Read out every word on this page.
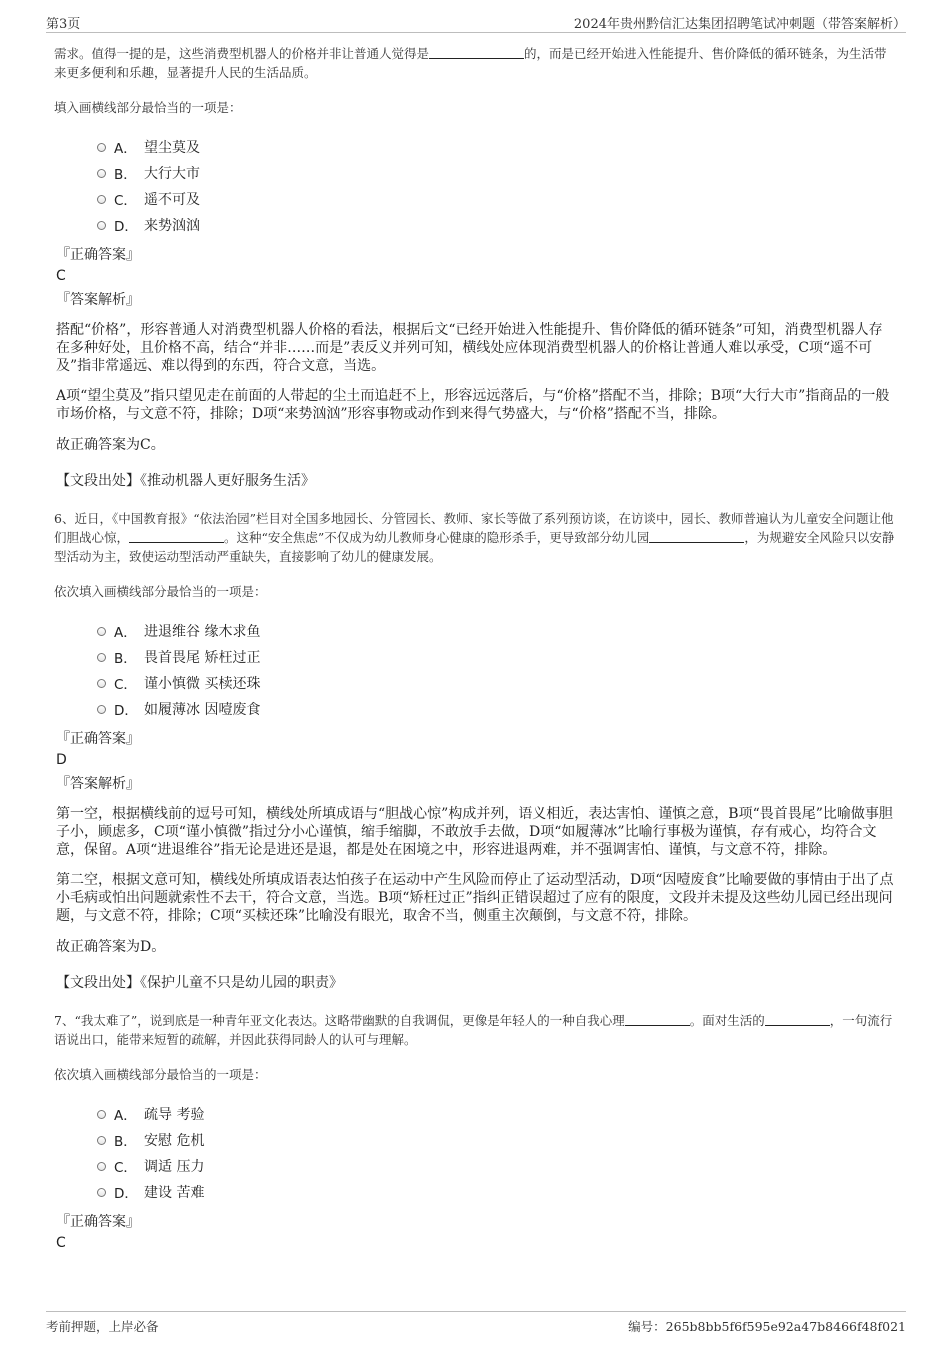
第3页	2024年贵州黔信汇达集团招聘笔试冲刺题（带答案解析）

需求。值得一提的是，这些消费型机器人的价格并非让普通人觉得是	的，而是已经开始进入性能提升、售价降低的循环链条，为生活带来更多便利和乐趣，显著提升人民的生活品质。

填入画横线部分最恰当的一项是：

A． 望尘莫及
B． 大行大市
C． 遥不可及
D． 来势汹汹
『正确答案』
C
『答案解析』

搭配“价格”，形容普通人对消费型机器人价格的看法，根据后文“已经开始进入性能提升、售价降低的循环链条”可知，消费型机器人存在多种好处，且价格不高，结合“并非……而是”表反义并列可知，横线处应体现消费型机器人的价格让普通人难以承受，C项“遥不可及”指非常遥远、难以得到的东西，符合文意，当选。

A项“望尘莫及”指只望见走在前面的人带起的尘土而追赶不上，形容远远落后，与“价格”搭配不当，排除；B项“大行大市”指商品的一般市场价格，与文意不符，排除；D项“来势汹汹”形容事物或动作到来得气势盛大，与“价格”搭配不当，排除。

故正确答案为C。

【文段出处】《推动机器人更好服务生活》

6、近日，《中国教育报》“依法治园”栏目对全国多地园长、分管园长、教师、家长等做了系列预访谈，在访谈中，园长、教师普遍认为儿童安全问题让他们胆战心惊，	。这种“安全焦虑”不仅成为幼儿教师身心健康的隐形杀手，更导致部分幼儿园	，为规避安全风险只以安静型活动为主，致使运动型活动严重缺失，直接影响了幼儿的健康发展。

依次填入画横线部分最恰当的一项是：

A． 进退维谷 缘木求鱼
B． 畏首畏尾 矫枉过正
C． 谨小慎微 买椟还珠
D． 如履薄冰 因噎废食
『正确答案』
D
『答案解析』

第一空，根据横线前的逗号可知，横线处所填成语与“胆战心惊”构成并列，语义相近，表达害怕、谨慎之意，B项“畏首畏尾”比喻做事胆子小，顾虑多，C项“谨小慎微”指过分小心谨慎，缩手缩脚，不敢放手去做，D项“如履薄冰”比喻行事极为谨慎，存有戒心，均符合文意，保留。A项“进退维谷”指无论是进还是退，都是处在困境之中，形容进退两难，并不强调害怕、谨慎，与文意不符，排除。

第二空，根据文意可知，横线处所填成语表达怕孩子在运动中产生风险而停止了运动型活动，D项“因噎废食”比喻要做的事情由于出了点小毛病或怕出问题就索性不去干，符合文意，当选。B项“矫枉过正”指纠正错误超过了应有的限度，文段并未提及这些幼儿园已经出现问题，与文意不符，排除；C项“买椟还珠”比喻没有眼光，取舍不当，侧重主次颠倒，与文意不符，排除。

故正确答案为D。

【文段出处】《保护儿童不只是幼儿园的职责》

7、“我太难了”，说到底是一种青年亚文化表达。这略带幽默的自我调侃，更像是年轻人的一种自我心理	。面对生活的	，一句流行语说出口，能带来短暂的疏解，并因此获得同龄人的认可与理解。

依次填入画横线部分最恰当的一项是：

A． 疏导 考验
B． 安慰 危机
C． 调适 压力
D． 建设 苦难
『正确答案』
C
考前押题，上岸必备	编号：265b8bb5f6f595e92a47b8466f48f021
